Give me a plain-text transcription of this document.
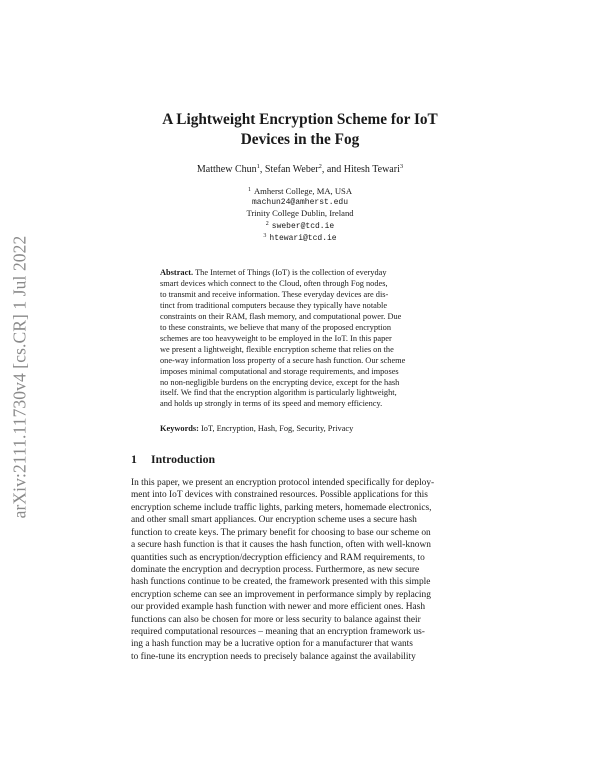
arXiv:2111.11730v4 [cs.CR] 1 Jul 2022
A Lightweight Encryption Scheme for IoT
Devices in the Fog
Matthew Chun$^1$, Stefan Weber$^2$, and Hitesh Tewari$^3$
$^1$ Amherst College, MA, USA
machun24@amherst.edu
Trinity College Dublin, Ireland
$^2$ sweber@tcd.ie
$^3$ htewari@tcd.ie
Abstract. The Internet of Things (IoT) is the collection of everyday
smart devices which connect to the Cloud, often through Fog nodes,
to transmit and receive information. These everyday devices are dis-
tinct from traditional computers because they typically have notable
constraints on their RAM, flash memory, and computational power. Due
to these constraints, we believe that many of the proposed encryption
schemes are too heavyweight to be employed in the IoT. In this paper
we present a lightweight, flexible encryption scheme that relies on the
one-way information loss property of a secure hash function. Our scheme
imposes minimal computational and storage requirements, and imposes
no non-negligible burdens on the encrypting device, except for the hash
itself. We find that the encryption algorithm is particularly lightweight,
and holds up strongly in terms of its speed and memory efficiency.
Keywords: IoT, Encryption, Hash, Fog, Security, Privacy
1 Introduction
In this paper, we present an encryption protocol intended specifically for deploy-
ment into IoT devices with constrained resources. Possible applications for this
encryption scheme include traffic lights, parking meters, homemade electronics,
and other small smart appliances. Our encryption scheme uses a secure hash
function to create keys. The primary benefit for choosing to base our scheme on
a secure hash function is that it causes the hash function, often with well-known
quantities such as encryption/decryption efficiency and RAM requirements, to
dominate the encryption and decryption process. Furthermore, as new secure
hash functions continue to be created, the framework presented with this simple
encryption scheme can see an improvement in performance simply by replacing
our provided example hash function with newer and more efficient ones. Hash
functions can also be chosen for more or less security to balance against their
required computational resources – meaning that an encryption framework us-
ing a hash function may be a lucrative option for a manufacturer that wants
to fine-tune its encryption needs to precisely balance against the availability
